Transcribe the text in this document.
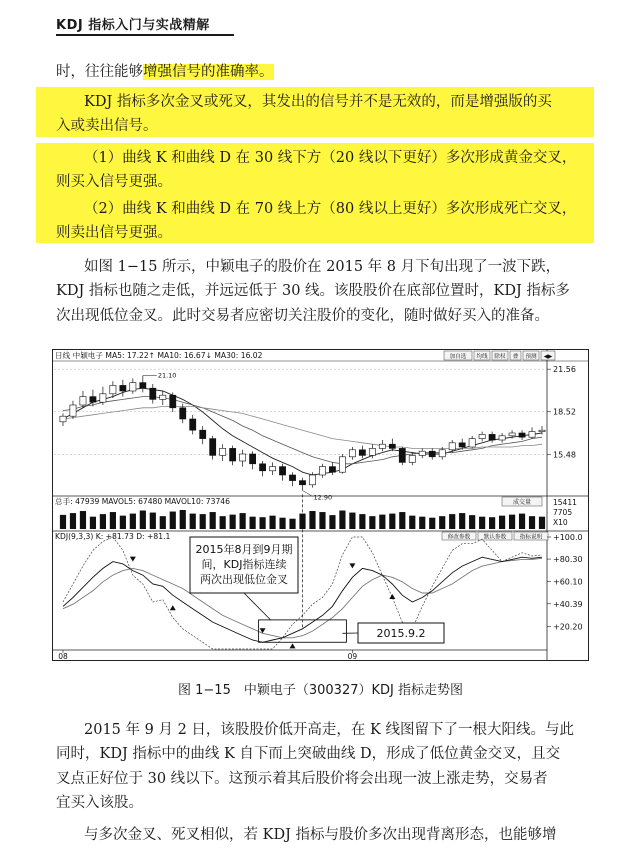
KDJ 指标入门与实战精解
时，往往能够增强信号的准确率。
KDJ 指标多次金叉或死叉，其发出的信号并不是无效的，而是增强版的买
入或卖出信号。
（1）曲线 K 和曲线 D 在 30 线下方（20 线以下更好）多次形成黄金交叉，
则买入信号更强。
（2）曲线 K 和曲线 D 在 70 线上方（80 线以上更好）多次形成死亡交叉，
则卖出信号更强。
如图 1−15 所示，中颖电子的股价在 2015 年 8 月下旬出现了一波下跌，
KDJ 指标也随之走低，并远远低于 30 线。该股股价在底部位置时，KDJ 指标多
次出现低位金叉。此时交易者应密切关注股价的变化，随时做好买入的准备。
日线 中颖电子 MA5: 17.22↑ MA10: 16.67↓ MA30: 16.02	加自选 均线 除权 叠 预测 ◀▶
21.56
18.52
15.48
21.10
12.90
总手: 47939 MAVOL5: 67480 MAVOL10: 73746	成交量	15411
7705
X10
KDJ(9,3,3) K: +81.73 D: +81.1	修改参数 默认参数 指标说明 +100.0
+80.30
+60.10
+40.39
+20.20
2015年8月到9月期
间，KDJ指标连续
两次出现低位金叉
2015.9.2
08	09
图 1−15　中颖电子（300327）KDJ 指标走势图
2015 年 9 月 2 日，该股股价低开高走，在 K 线图留下了一根大阳线。与此
同时，KDJ 指标中的曲线 K 自下而上突破曲线 D，形成了低位黄金交叉，且交
叉点正好位于 30 线以下。这预示着其后股价将会出现一波上涨走势，交易者
宜买入该股。
与多次金叉、死叉相似，若 KDJ 指标与股价多次出现背离形态，也能够增
